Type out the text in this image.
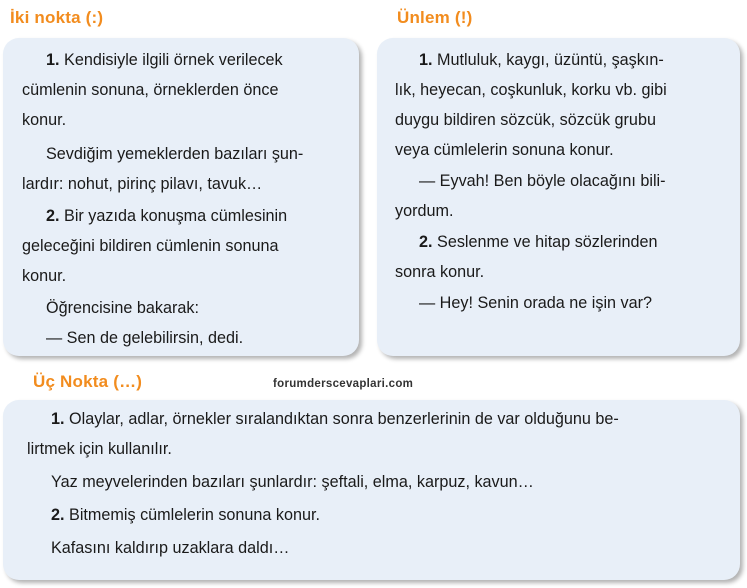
İki nokta (:)	Ünlem (!)
Üç Nokta (…)	forumderscevaplari.com
1. Kendisiyle ilgili örnek verilecek
cümlenin sonuna, örneklerden önce
konur.
Sevdiğim yemeklerden bazıları şun-
lardır: nohut, pirinç pilavı, tavuk…
2. Bir yazıda konuşma cümlesinin
geleceğini bildiren cümlenin sonuna
konur.
Öğrencisine bakarak:
— Sen de gelebilirsin, dedi.
1. Mutluluk, kaygı, üzüntü, şaşkın-
lık, heyecan, coşkunluk, korku vb. gibi
duygu bildiren sözcük, sözcük grubu
veya cümlelerin sonuna konur.
— Eyvah! Ben böyle olacağını bili-
yordum.
2. Seslenme ve hitap sözlerinden
sonra konur.
— Hey! Senin orada ne işin var?
1. Olaylar, adlar, örnekler sıralandıktan sonra benzerlerinin de var olduğunu be-
lirtmek için kullanılır.
Yaz meyvelerinden bazıları şunlardır: şeftali, elma, karpuz, kavun…
2. Bitmemiş cümlelerin sonuna konur.
Kafasını kaldırıp uzaklara daldı…
